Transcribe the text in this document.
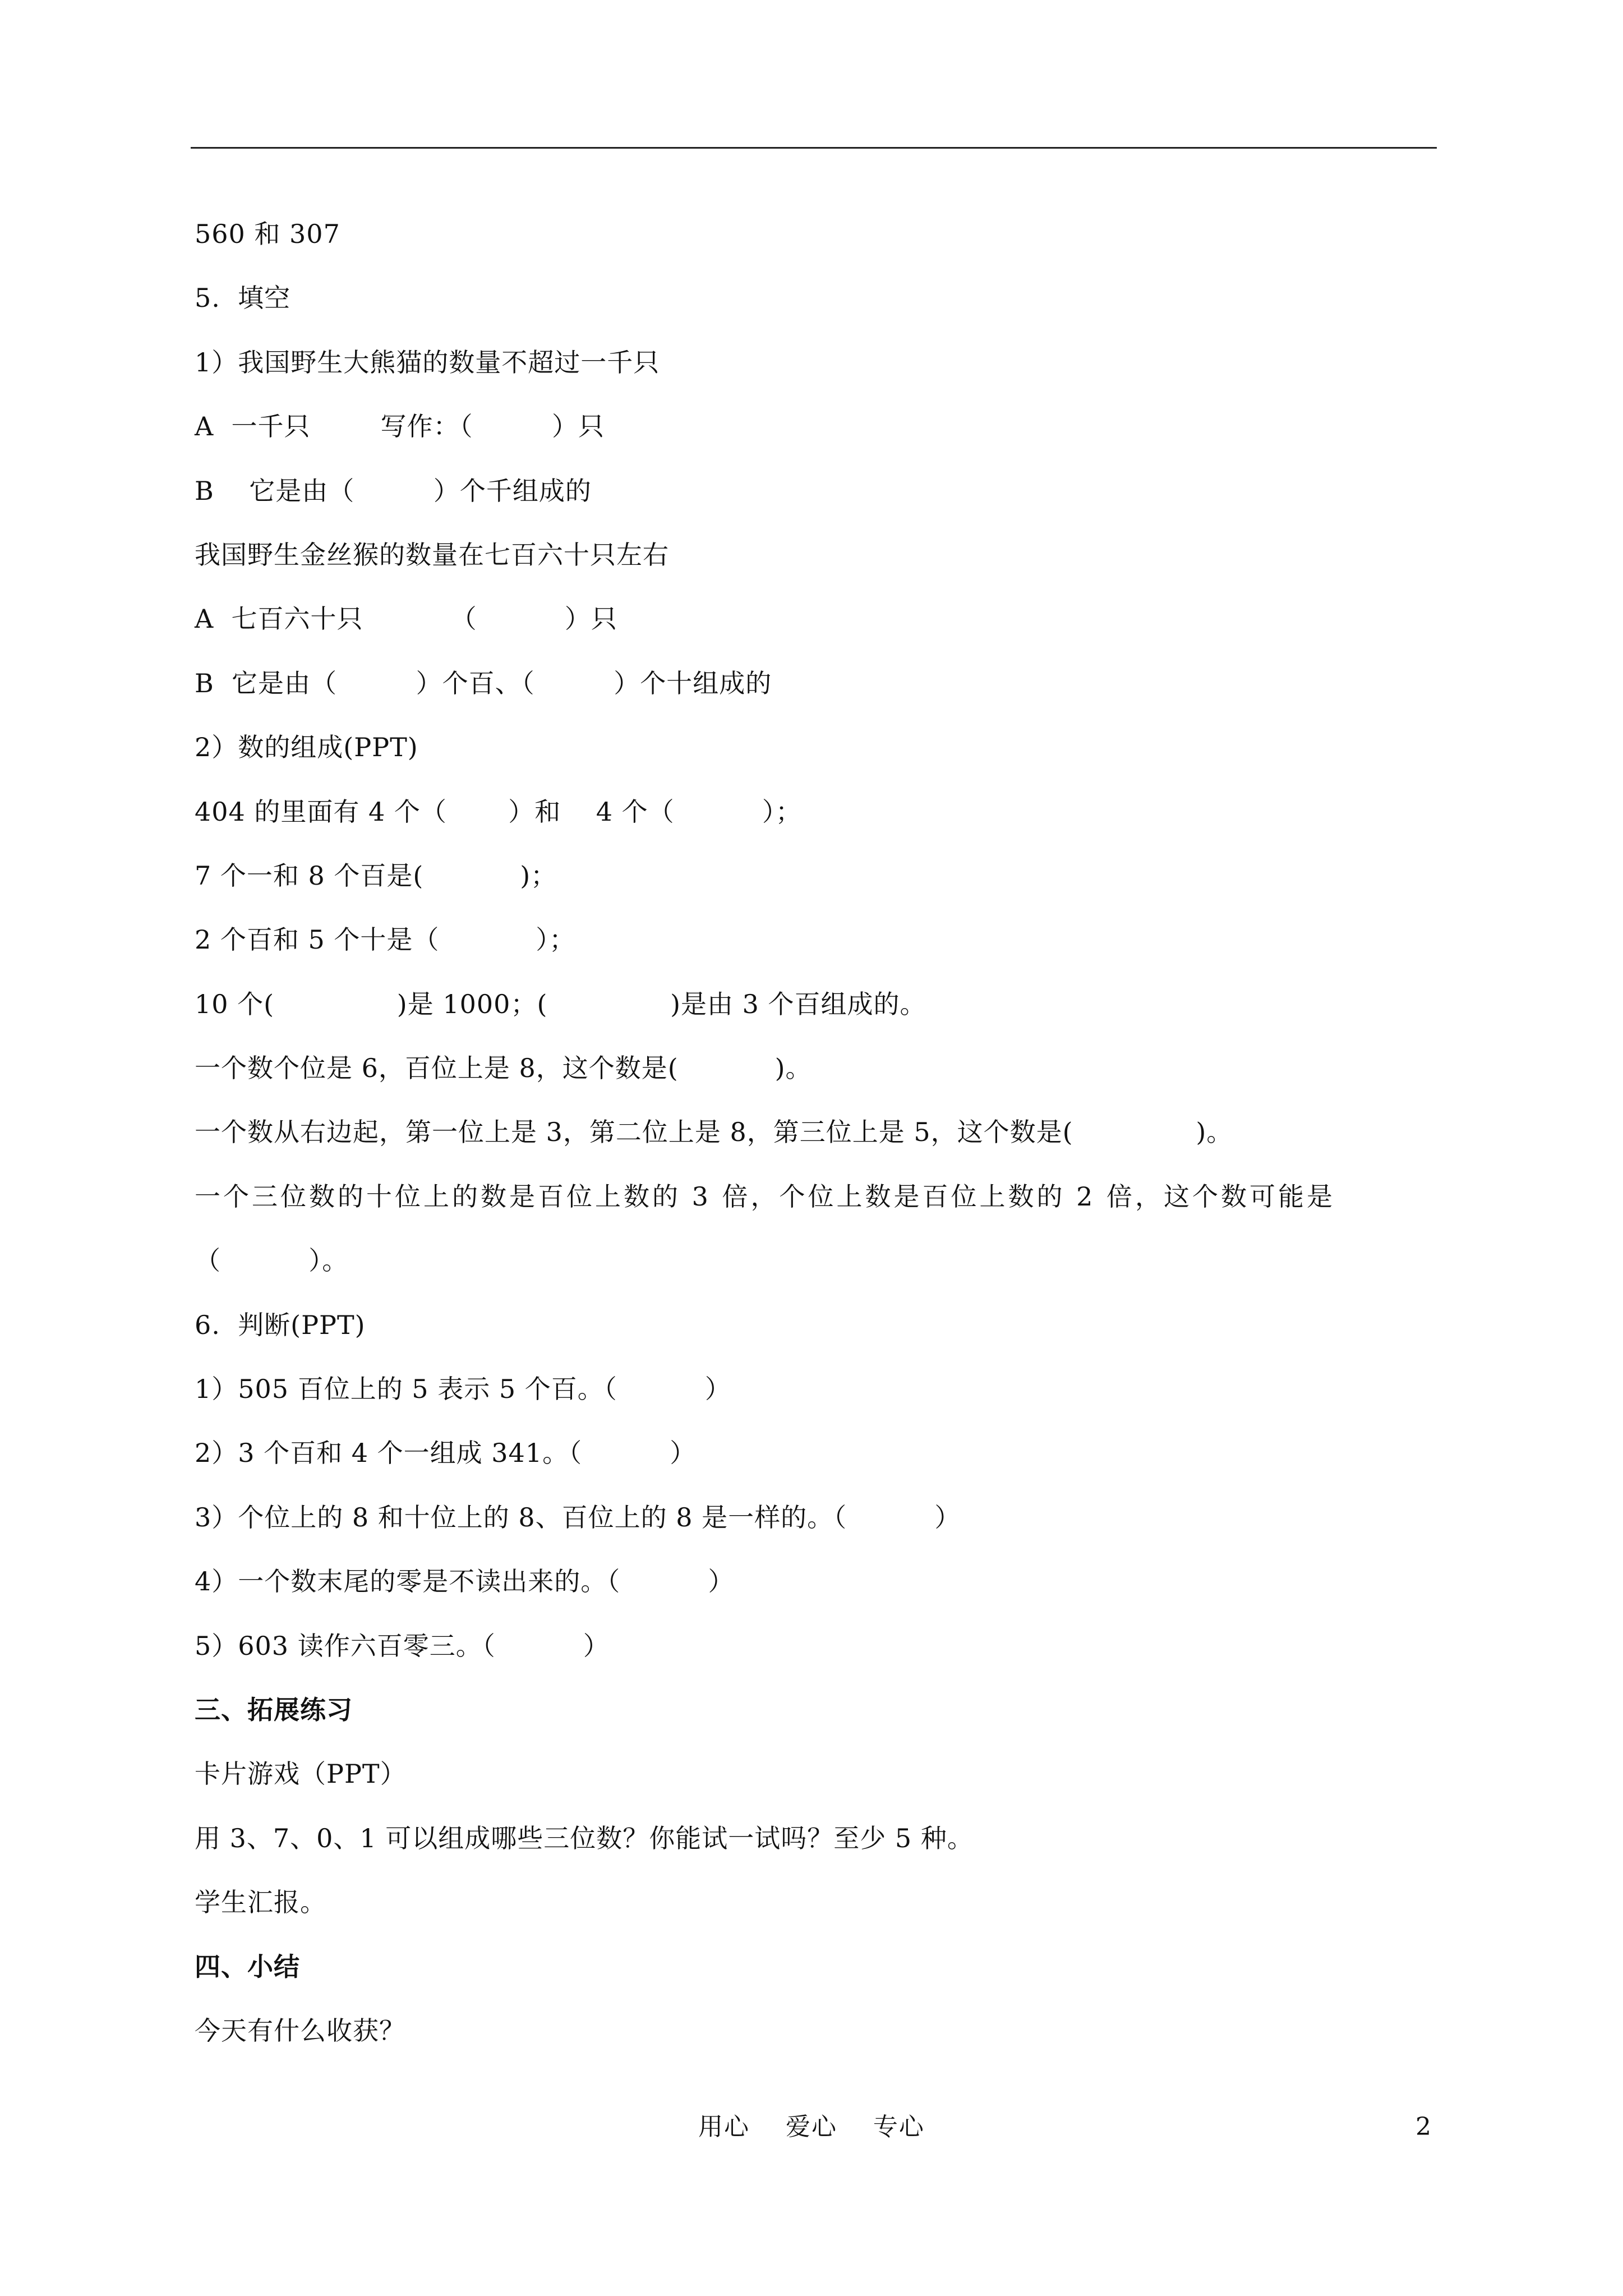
560 和 307
5.  填空
1）我国野生大熊猫的数量不超过一千只
A  一千只        写作：（         ）只
B    它是由（         ）个千组成的
我国野生金丝猴的数量在七百六十只左右
A  七百六十只          （          ）只
B  它是由（         ）个百、（         ）个十组成的
2）数的组成(PPT)
404 的里面有 4 个（       ）和    4 个（          ）；
7 个一和 8 个百是(           )；
2 个百和 5 个十是（           ）；
10 个(              )是 1000；(              )是由 3 个百组成的。
一个数个位是 6，百位上是 8，这个数是(           )。
一个数从右边起，第一位上是 3，第二位上是 8，第三位上是 5，这个数是(              )。
一个三位数的十位上的数是百位上数的 3 倍，个位上数是百位上数的 2 倍，这个数可能是
（          ）。
6.  判断(PPT)
1）505 百位上的 5 表示 5 个百。（          ）
2）3 个百和 4 个一组成 341。（          ）
3）个位上的 8 和十位上的 8、百位上的 8 是一样的。（          ）
4）一个数末尾的零是不读出来的。（          ）
5）603 读作六百零三。（          ）
三、拓展练习
卡片游戏（PPT）
用 3、7、0、1 可以组成哪些三位数？你能试一试吗？至少 5 种。
学生汇报。
四、小结
今天有什么收获？
用心    爱心    专心	2
